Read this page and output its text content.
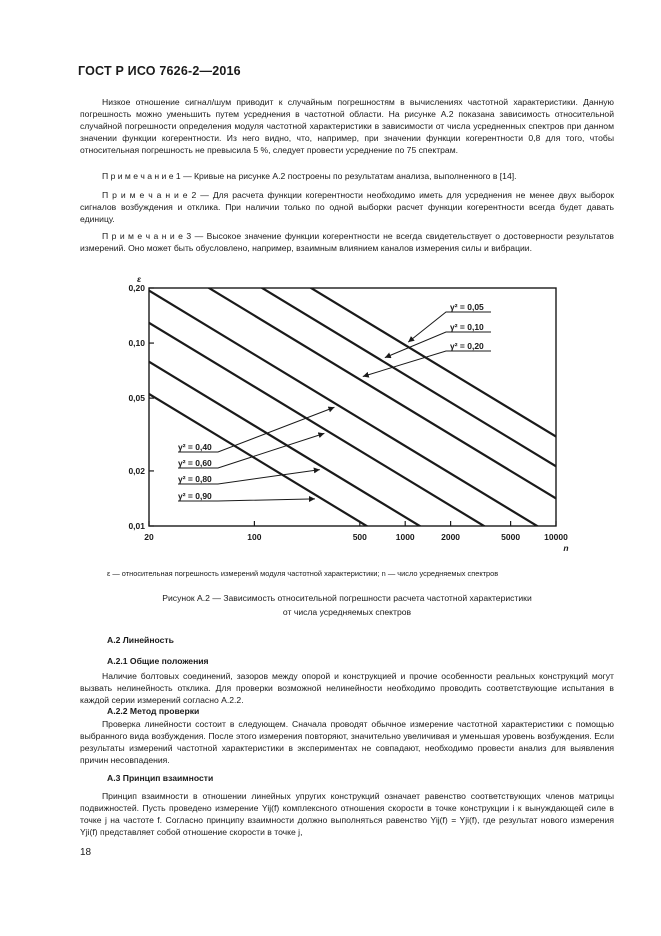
ГОСТ Р ИСО 7626-2—2016
Низкое отношение сигнал/шум приводит к случайным погрешностям в вычислениях частотной характеристики. Данную погрешность можно уменьшить путем усреднения в частотной области. На рисунке А.2 показана зависимость относительной случайной погрешности определения модуля частотной характеристики в зависимости от числа усредненных спектров при данном значении функции когерентности. Из него видно, что, например, при значении функции когерентности 0,8 для того, чтобы относительная погрешность не превысила 5 %, следует провести усреднение по 75 спектрам.
П р и м е ч а н и е 1 — Кривые на рисунке А.2 построены по результатам анализа, выполненного в [14].
П р и м е ч а н и е 2 — Для расчета функции когерентности необходимо иметь для усреднения не менее двух выборок сигналов возбуждения и отклика. При наличии только по одной выборки расчет функции когерентности всегда будет давать единицу.
П р и м е ч а н и е 3 — Высокое значение функции когерентности не всегда свидетельствует о достоверности результатов измерений. Оно может быть обусловлено, например, взаимным влиянием каналов измерения силы и вибрации.
20	100	500	1000	2000	5000	10000
0,20
0,10
0,05
0,02
0,01
n
ε
γ² = 0,05
γ² = 0,10
γ² = 0,20
γ² = 0,40
γ² = 0,60
γ² = 0,80
γ² = 0,90
ε — относительная погрешность измерений модуля частотной характеристики; n — число усредняемых спектров
Рисунок А.2 — Зависимость относительной погрешности расчета частотной характеристики
от числа усредняемых спектров
А.2 Линейность
А.2.1 Общие положения
Наличие болтовых соединений, зазоров между опорой и конструкцией и прочие особенности реальных конструкций могут вызвать нелинейность отклика. Для проверки возможной нелинейности необходимо проводить соответствующие испытания в каждой серии измерений согласно А.2.2.
А.2.2 Метод проверки
Проверка линейности состоит в следующем. Сначала проводят обычное измерение частотной характеристики с помощью выбранного вида возбуждения. После этого измерения повторяют, значительно увеличивая и уменьшая уровень возбуждения. Если результаты измерений частотной характеристики в экспериментах не совпадают, необходимо провести анализ для выявления причин несовпадения.
А.3 Принцип взаимности
Принцип взаимности в отношении линейных упругих конструкций означает равенство соответствующих членов матрицы подвижностей. Пусть проведено измерение Yij(f) комплексного отношения скорости в точке конструкции i к вынуждающей силе в точке j на частоте f. Согласно принципу взаимности должно выполняться равенство Yij(f) = Yji(f), где результат нового измерения Yji(f) представляет собой отношение скорости в точке j,
18
